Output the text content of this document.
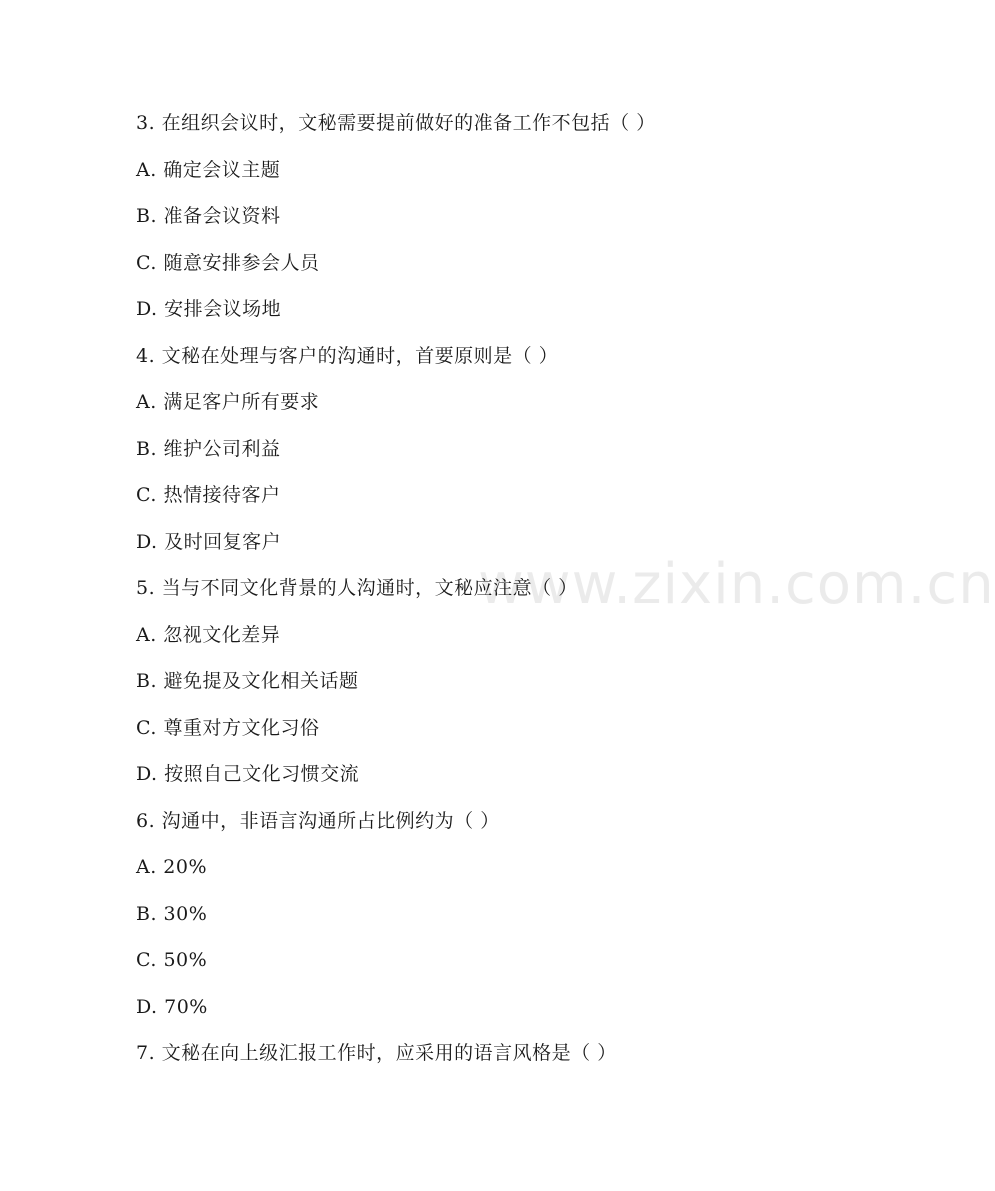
www.zixin.com.cn
3. 在组织会议时，文秘需要提前做好的准备工作不包括（ ）
A. 确定会议主题
B. 准备会议资料
C. 随意安排参会人员
D. 安排会议场地
4. 文秘在处理与客户的沟通时，首要原则是（ ）
A. 满足客户所有要求
B. 维护公司利益
C. 热情接待客户
D. 及时回复客户
5. 当与不同文化背景的人沟通时，文秘应注意（ ）
A. 忽视文化差异
B. 避免提及文化相关话题
C. 尊重对方文化习俗
D. 按照自己文化习惯交流
6. 沟通中，非语言沟通所占比例约为（ ）
A. 20%
B. 30%
C. 50%
D. 70%
7. 文秘在向上级汇报工作时，应采用的语言风格是（ ）
